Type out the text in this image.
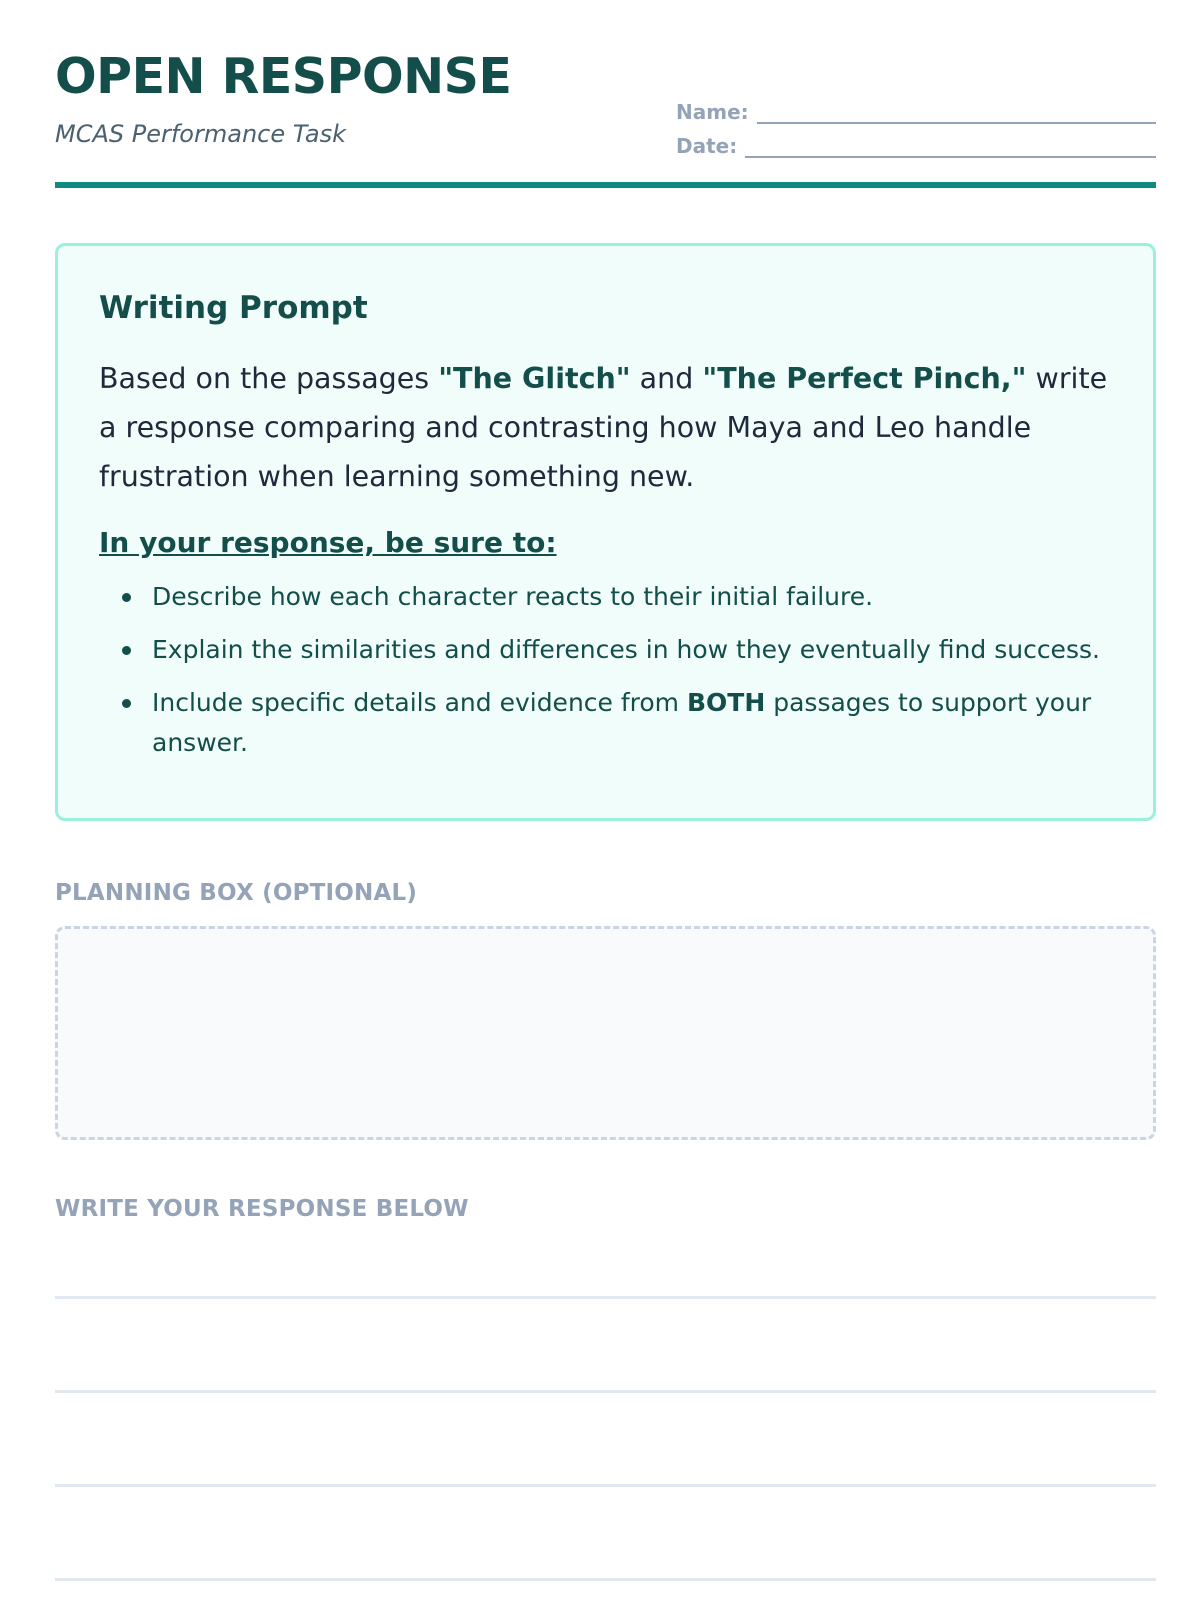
OPEN RESPONSE
MCAS Performance Task
Name:
Date:
Writing Prompt

Based on the passages "The Glitch" and "The Perfect Pinch," write a response comparing and contrasting how Maya and Leo handle frustration when learning something new.

In your response, be sure to:
Describe how each character reacts to their initial failure.
Explain the similarities and differences in how they eventually find success.
Include specific details and evidence from BOTH passages to support your answer.
PLANNING BOX (OPTIONAL)
WRITE YOUR RESPONSE BELOW
